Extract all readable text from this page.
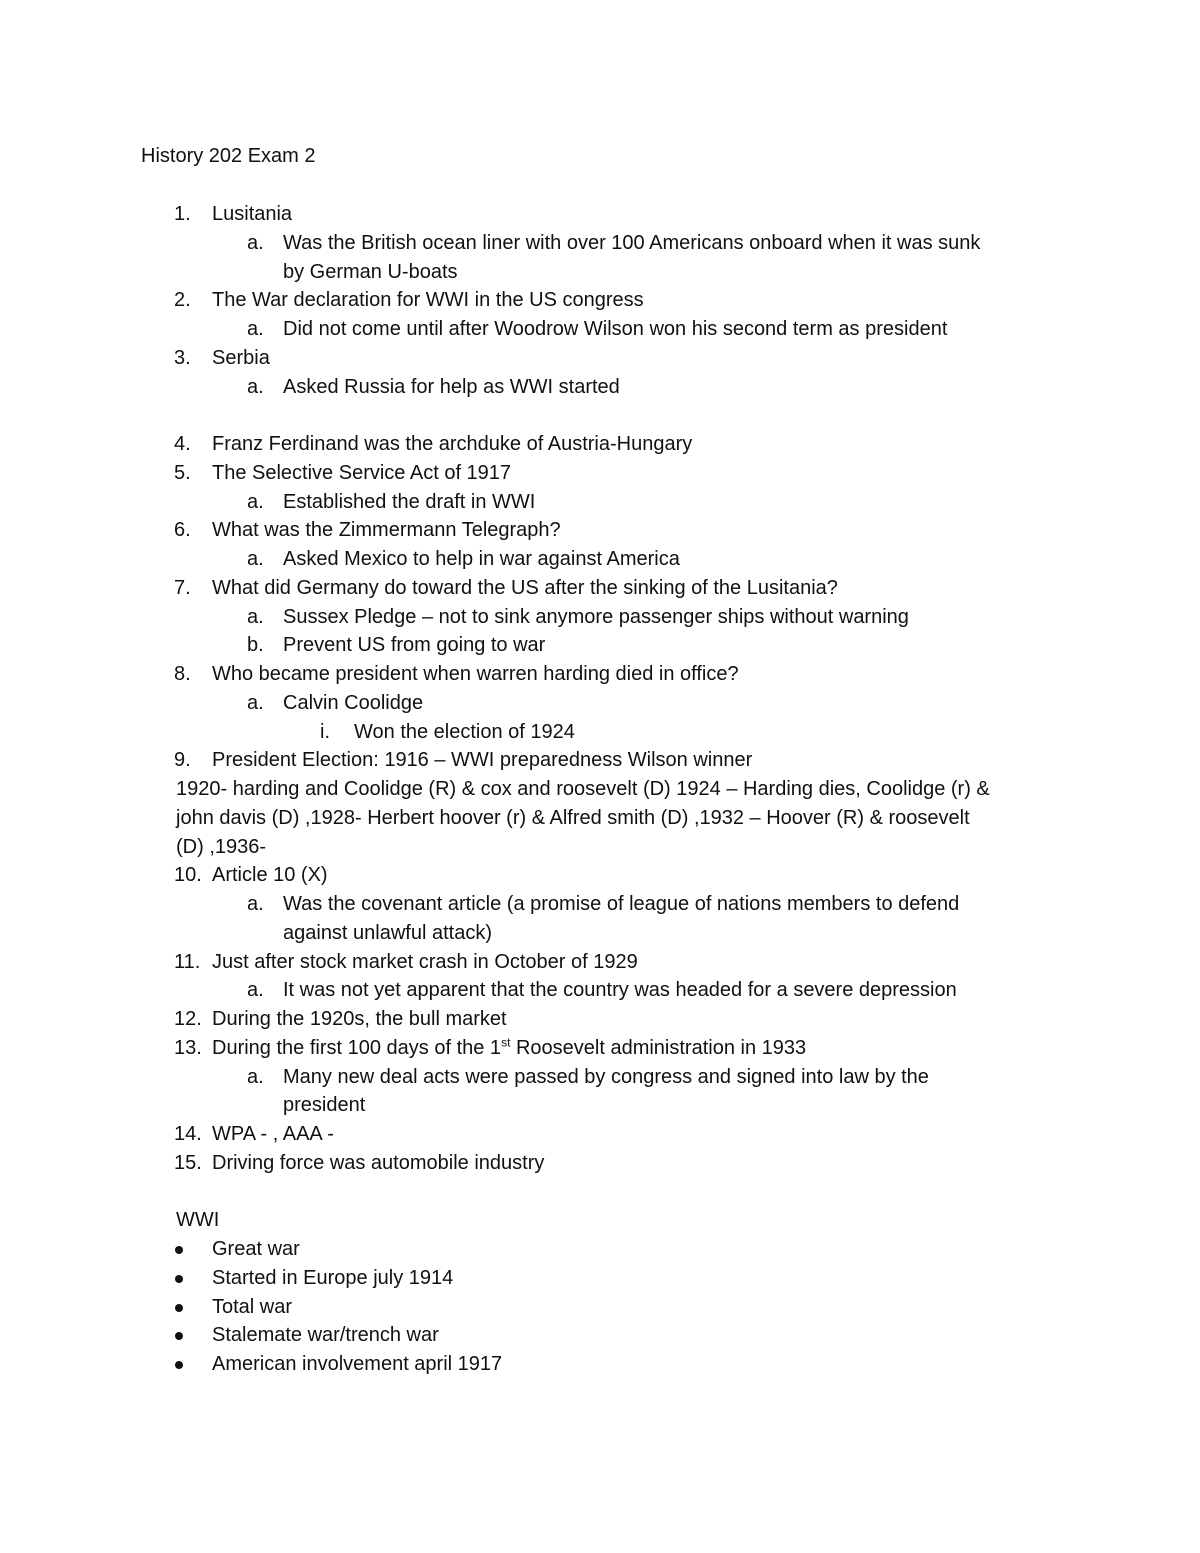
History 202 Exam 2
1. Lusitania
a. Was the British ocean liner with over 100 Americans onboard when it was sunk
by German U-boats
2. The War declaration for WWI in the US congress
a. Did not come until after Woodrow Wilson won his second term as president
3. Serbia
a. Asked Russia for help as WWI started
4. Franz Ferdinand was the archduke of Austria-Hungary
5. The Selective Service Act of 1917
a. Established the draft in WWI
6. What was the Zimmermann Telegraph?
a. Asked Mexico to help in war against America
7. What did Germany do toward the US after the sinking of the Lusitania?
a. Sussex Pledge – not to sink anymore passenger ships without warning
b. Prevent US from going to war
8. Who became president when warren harding died in office?
a. Calvin Coolidge
i. Won the election of 1924
9. President Election: 1916 – WWI preparedness Wilson winner
1920- harding and Coolidge (R) & cox and roosevelt (D) 1924 – Harding dies, Coolidge (r) &
john davis (D) ,1928- Herbert hoover (r) & Alfred smith (D) ,1932 – Hoover (R) & roosevelt
(D) ,1936-
10. Article 10 (X)
a. Was the covenant article (a promise of league of nations members to defend
against unlawful attack)
11. Just after stock market crash in October of 1929
a. It was not yet apparent that the country was headed for a severe depression
12. During the 1920s, the bull market
13. During the first 100 days of the 1st Roosevelt administration in 1933
a. Many new deal acts were passed by congress and signed into law by the
president
14. WPA - , AAA -
15. Driving force was automobile industry
WWI
Great war
Started in Europe july 1914
Total war
Stalemate war/trench war
American involvement april 1917
